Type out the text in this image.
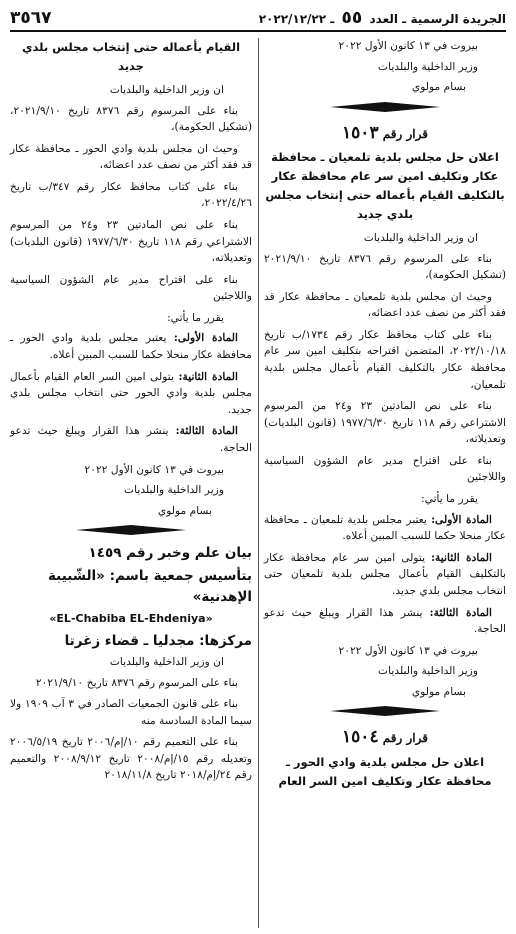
الجريدة الرسمية ـ العدد ٥٥ ـ ٢٠٢٢/١٢/٢٢
٣٥٦٧
بيروت في ١٣ كانون الأول ٢٠٢٢
وزير الداخلية والبلديات
بسام مولوي
قرار رقم ١٥٠٣
اعلان حل مجلس بلدية تلمعيان ـ محافظة عكار وتكليف امين سر عام محافظة عكار بالتكليف القيام بأعماله حتى إنتخاب مجلس بلدي جديد
ان وزير الداخلية والبلديات

بناء على المرسوم رقم ٨٣٧٦ تاريخ ٢٠٢١/٩/١٠ (تشكيل الحكومة)،

وحيث ان مجلس بلدية تلمعيان ـ محافظة عكار قد فقد أكثر من نصف عدد اعضائه،

بناء على كتاب محافظ عكار رقم ١٧٣٤/ب تاريخ ٢٠٢٢/١٠/١٨، المتضمن اقتراحه بتكليف امين سر عام محافظة عكار بالتكليف القيام بأعمال مجلس بلدية تلمعيان،

بناء على نص المادتين ٢٣ و٢٤ من المرسوم الاشتراعي رقم ١١٨ تاريخ ١٩٧٧/٦/٣٠ (قانون البلديات) وتعديلاته،

بناء على اقتراح مدير عام الشؤون السياسية واللاجئين

يقرر ما يأتي:

المادة الأولى: يعتبر مجلس بلدية تلمعيان ـ محافظة عكار منحلا حكما للسبب المبين أعلاه.

المادة الثانية: يتولى امين سر عام محافظة عكار بالتكليف القيام بأعمال مجلس بلدية تلمعيان حتى انتخاب مجلس بلدي جديد.

المادة الثالثة: ينشر هذا القرار ويبلغ حيث تدعو الحاجة.

بيروت في ١٣ كانون الأول ٢٠٢٢
وزير الداخلية والبلديات
بسام مولوي
قرار رقم ١٥٠٤
اعلان حل مجلس بلدية وادي الحور ـ محافظة عكار وتكليف امين السر العام
القيام بأعماله حتى إنتخاب مجلس بلدي جديد
ان وزير الداخلية والبلديات

بناء على المرسوم رقم ٨٣٧٦ تاريخ ٢٠٢١/٩/١٠، (تشكيل الحكومة)،

وحيث ان مجلس بلدية وادي الحور ـ محافظة عكار قد فقد أكثر من نصف عدد اعضائه،

بناء على كتاب محافظ عكار رقم ٣٤٧/ب تاريخ ٢٠٢٢/٤/٢٦،

بناء على نص المادتين ٢٣ و٢٤ من المرسوم الاشتراعي رقم ١١٨ تاريخ ١٩٧٧/٦/٣٠ (قانون البلديات) وتعديلاته،

بناء على اقتراح مدير عام الشؤون السياسية واللاجئين

يقرر ما يأتي:

المادة الأولى: يعتبر مجلس بلدية وادي الحور ـ محافظة عكار منحلا حكما للسبب المبين أعلاه.

المادة الثانية: يتولى امين السر العام القيام بأعمال مجلس بلدية وادي الحور حتى انتخاب مجلس بلدي جديد.

المادة الثالثة: ينشر هذا القرار ويبلغ حيث تدعو الحاجة.

بيروت في ١٣ كانون الأول ٢٠٢٢
وزير الداخلية والبلديات
بسام مولوي
بيان علم وخبر رقم ١٤٥٩
بتأسيس جمعية باسم: «الشّبيبة الإهدنية»
«EL-Chabiba EL-Ehdeniya»
مركزها: مجدليا ـ قضاء زغرتا
ان وزير الداخلية والبلديات

بناء على المرسوم رقم ٨٣٧٦ تاريخ ٢٠٢١/٩/١٠

بناء على قانون الجمعيات الصادر في ٣ آب ١٩٠٩ ولا سيما المادة السادسة منه

بناء على التعميم رقم ١٠/إم/٢٠٠٦ تاريخ ٢٠٠٦/٥/١٩ وتعديله رقم ١٥/إم/٢٠٠٨ تاريخ ٢٠٠٨/٩/١٢ والتعميم رقم ٢٤/إم/٢٠١٨ تاريخ ٢٠١٨/١١/٨
